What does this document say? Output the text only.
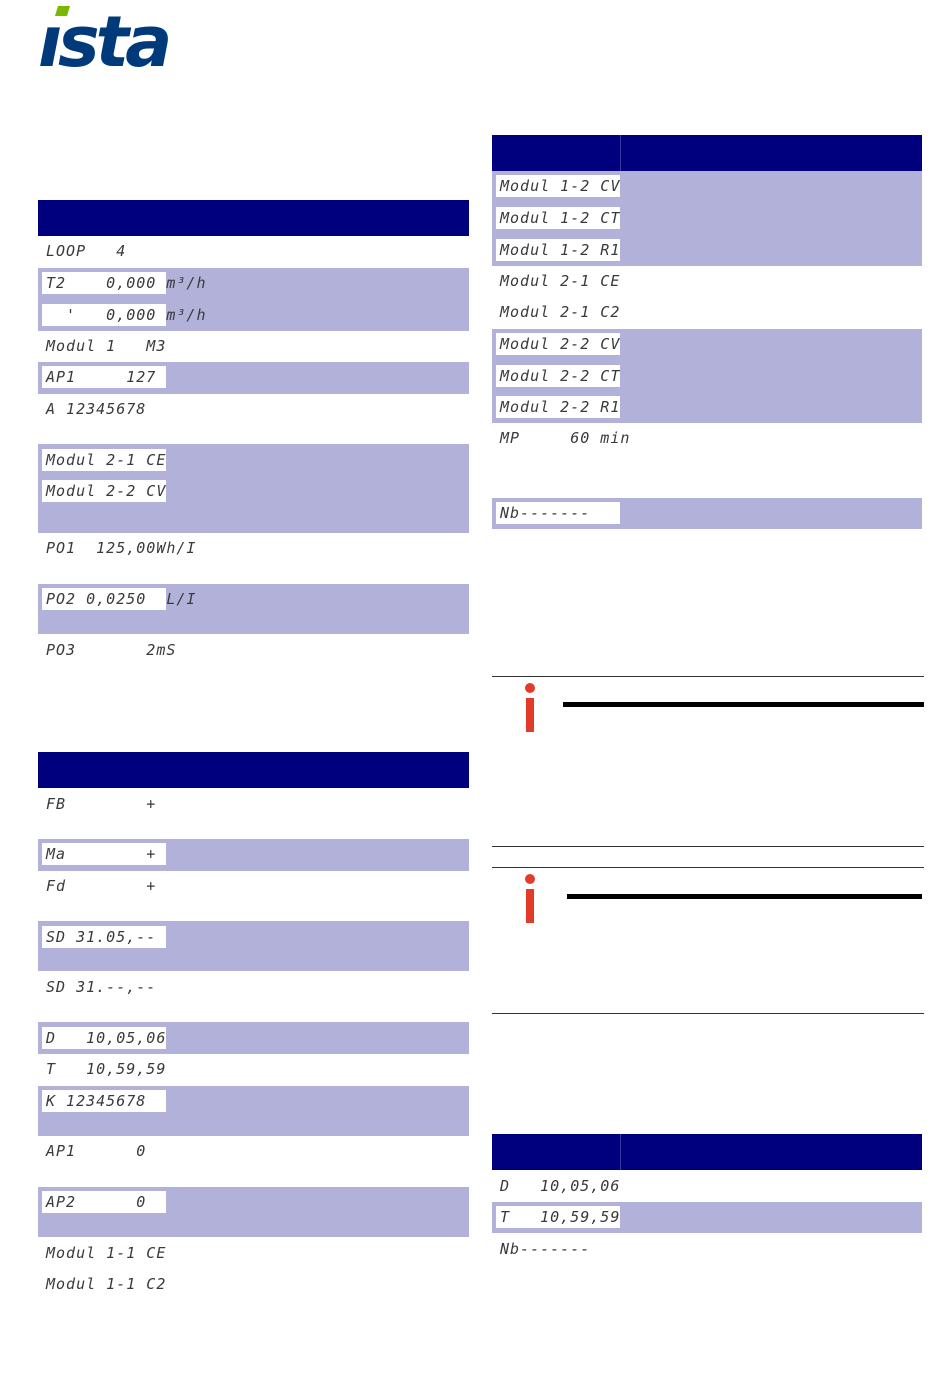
ısta
LOOP   4
T2    0,000 m³/h
'   0,000 m³/h
Modul 1   M3
AP1     127
A 12345678
Modul 2-1 CE
Modul 2-2 CV
PO1  125,00Wh/I
PO2 0,0250  L/I
PO3       2mS
FB        +
Ma        +
Fd        +
SD 31.05,--
SD 31.--,--
D   10,05,06
T   10,59,59
K 12345678
AP1      0
AP2      0
Modul 1-1 CE
Modul 1-1 C2
Modul 1-2 CV
Modul 1-2 CT
Modul 1-2 R1
Modul 2-1 CE
Modul 2-1 C2
Modul 2-2 CV
Modul 2-2 CT
Modul 2-2 R1
MP     60 min
Nb-------
D   10,05,06
T   10,59,59
Nb-------
